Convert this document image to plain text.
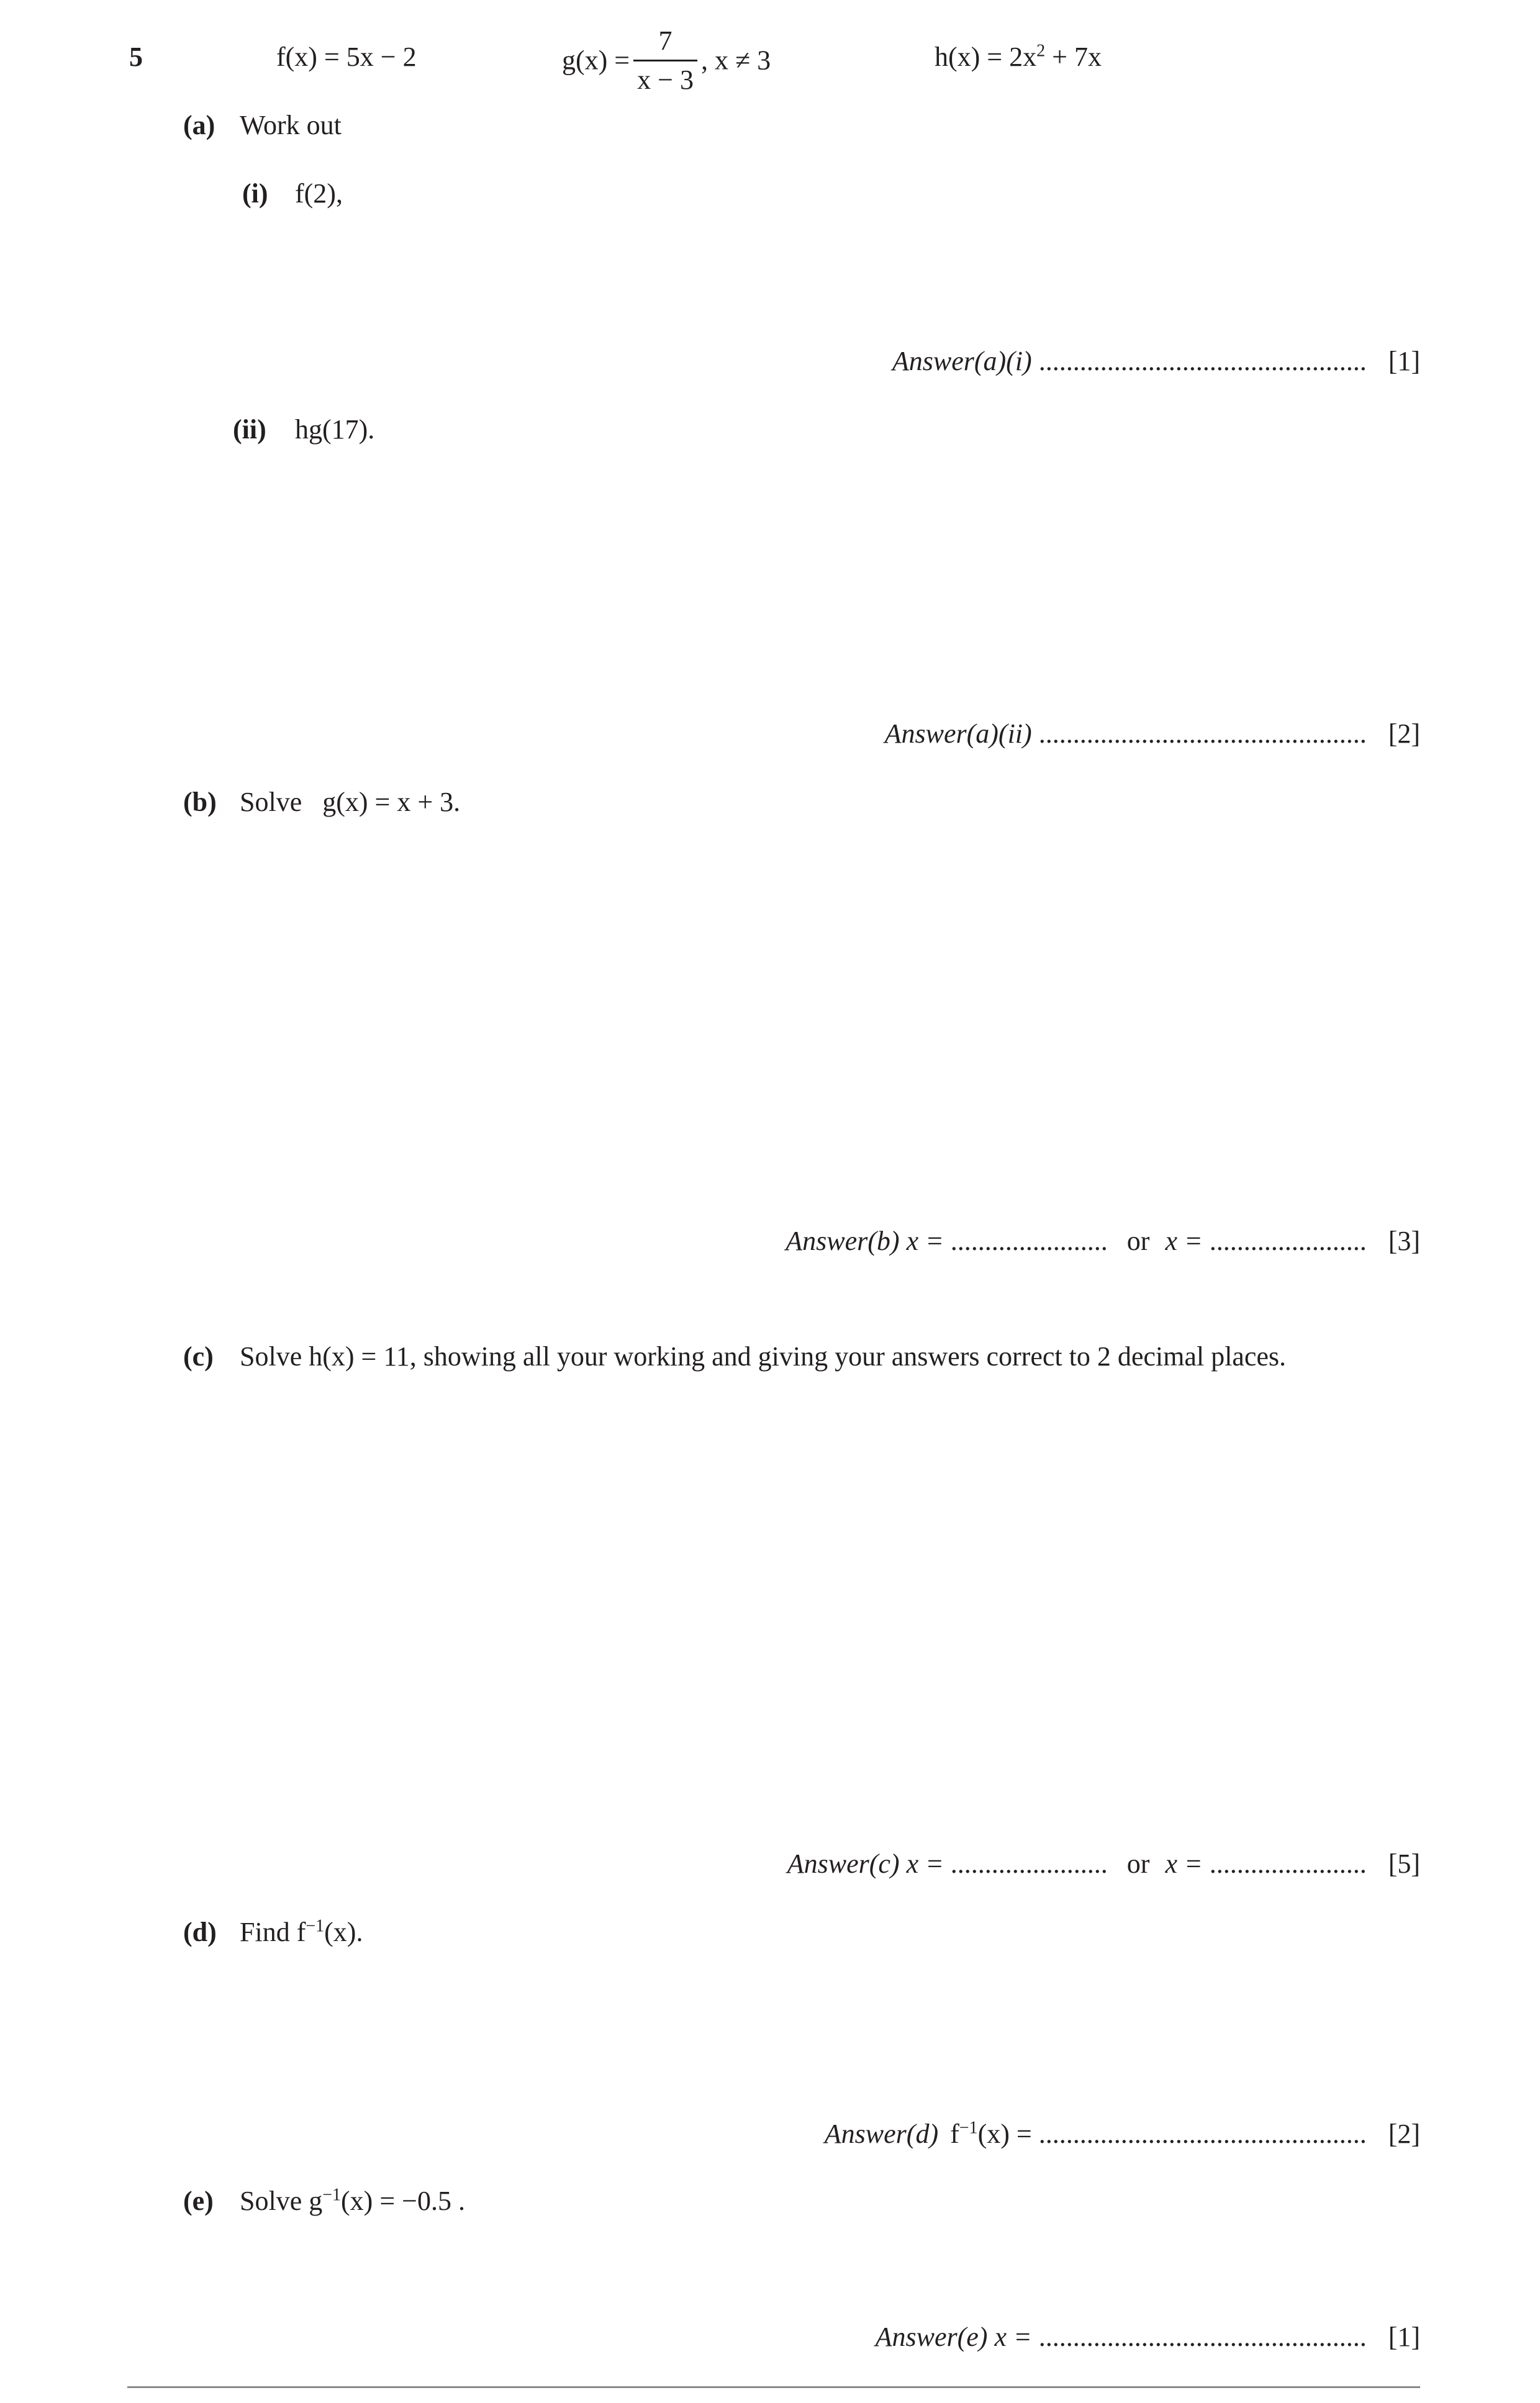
5	f(x) = 5x − 2	$g(x) = \frac{7}{x - 3}$ , x ≠ 3	$h(x) = 2x^2 + 7x$
(a) Work out
(i) f(2),
Answer(a)(i) ................................................ [1]
(ii) hg(17).
Answer(a)(ii) ................................................ [2]
(b) Solve   g(x) = x + 3.
Answer(b) x = ....................... or x = ....................... [3]
(c) Solve h(x) = 11, showing all your working and giving your answers correct to 2 decimal places.
Answer(c) x = ....................... or x = ....................... [5]
(d) Find $f^{-1}(x)$.
Answer(d) $f^{-1}(x)$ = ................................................ [2]
(e) Solve $g^{-1}(x) = -0.5$ .
Answer(e) x = ................................................ [1]
